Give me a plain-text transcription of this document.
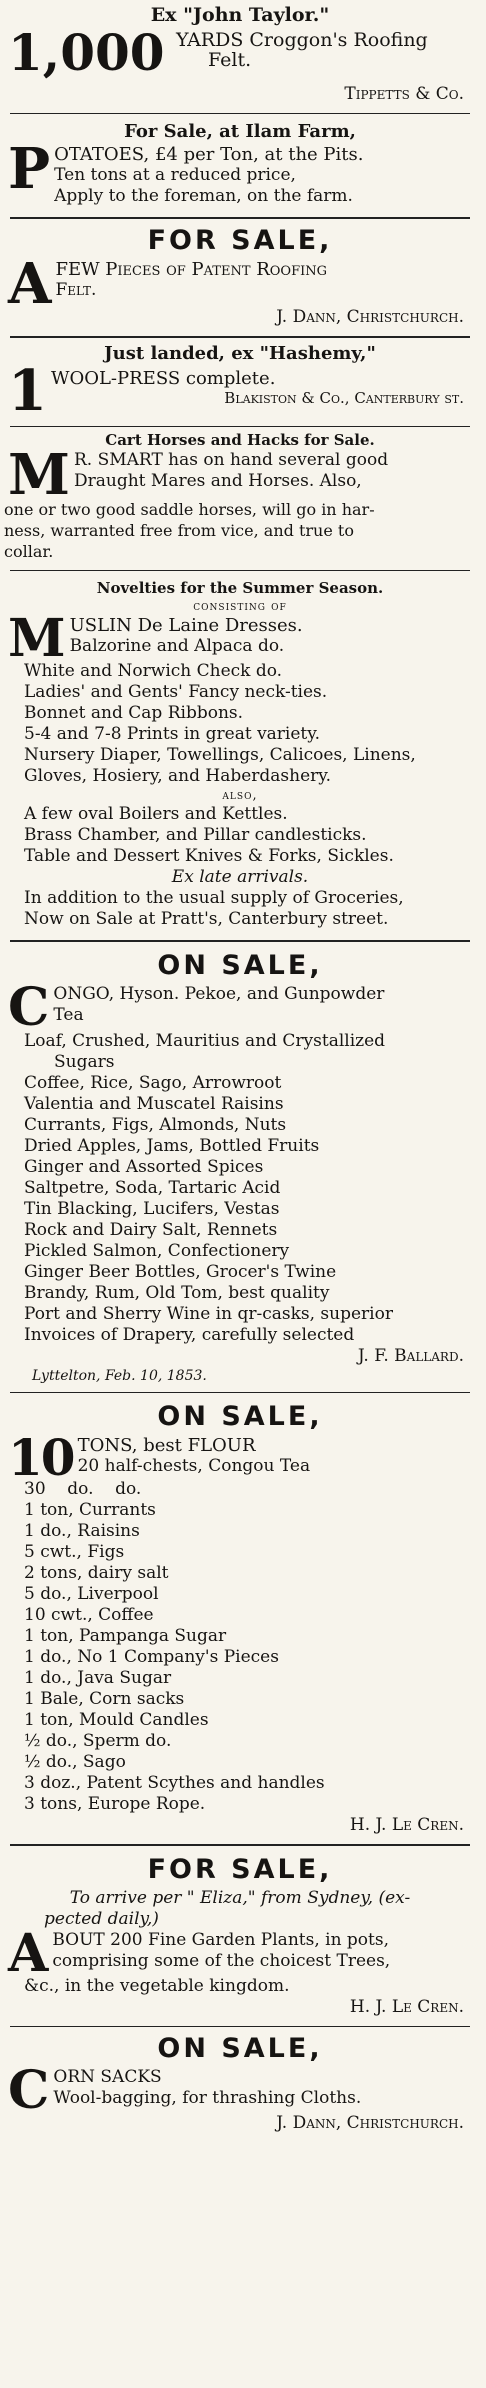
Ex "John Taylor."
1,000 YARDS Croggon's Roofing
Felt.
Tippetts & Co.
For Sale, at Ilam Farm,
P OTATOES, £4 per Ton, at the Pits.
Ten tons at a reduced price,
Apply to the foreman, on the farm.
FOR SALE,
A FEW Pieces of Patent Roofing
Felt.
J. Dann, Christchurch.
Just landed, ex "Hashemy,"
1 WOOL-PRESS complete.
Blakiston & Co., Canterbury st.
Cart Horses and Hacks for Sale.
M R. SMART has on hand several good
Draught Mares and Horses. Also,
one or two good saddle horses, will go in har-
ness, warranted free from vice, and true to
collar.
Novelties for the Summer Season.
consisting of
M USLIN De Laine Dresses.
Balzorine and Alpaca do.
White and Norwich Check do.
Ladies' and Gents' Fancy neck-ties.
Bonnet and Cap Ribbons.
5-4 and 7-8 Prints in great variety.
Nursery Diaper, Towellings, Calicoes, Linens,
Gloves, Hosiery, and Haberdashery.
also,
A few oval Boilers and Kettles.
Brass Chamber, and Pillar candlesticks.
Table and Dessert Knives & Forks, Sickles.
Ex late arrivals.
In addition to the usual supply of Groceries,
Now on Sale at Pratt's, Canterbury street.
ON SALE,
C ONGO, Hyson. Pekoe, and Gunpowder
Tea
Loaf, Crushed, Mauritius and Crystallized
Sugars
Coffee, Rice, Sago, Arrowroot
Valentia and Muscatel Raisins
Currants, Figs, Almonds, Nuts
Dried Apples, Jams, Bottled Fruits
Ginger and Assorted Spices
Saltpetre, Soda, Tartaric Acid
Tin Blacking, Lucifers, Vestas
Rock and Dairy Salt, Rennets
Pickled Salmon, Confectionery
Ginger Beer Bottles, Grocer's Twine
Brandy, Rum, Old Tom, best quality
Port and Sherry Wine in qr-casks, superior
Invoices of Drapery, carefully selected
J. F. Ballard.
Lyttelton, Feb. 10, 1853.
ON SALE,
10 TONS, best FLOUR
20 half-chests, Congou Tea
30    do.    do.
1 ton, Currants
1 do., Raisins
5 cwt., Figs
2 tons, dairy salt
5 do., Liverpool
10 cwt., Coffee
1 ton, Pampanga Sugar
1 do., No 1 Company's Pieces
1 do., Java Sugar
1 Bale, Corn sacks
1 ton, Mould Candles
½ do., Sperm do.
½ do., Sago
3 doz., Patent Scythes and handles
3 tons, Europe Rope.
H. J. Le Cren.
FOR SALE,
To arrive per " Eliza," from Sydney, (ex-
pected daily,)
A BOUT 200 Fine Garden Plants, in pots,
comprising some of the choicest Trees,
&c., in the vegetable kingdom.
H. J. Le Cren.
ON SALE,
C ORN SACKS
Wool-bagging, for thrashing Cloths.
J. Dann, Christchurch.
